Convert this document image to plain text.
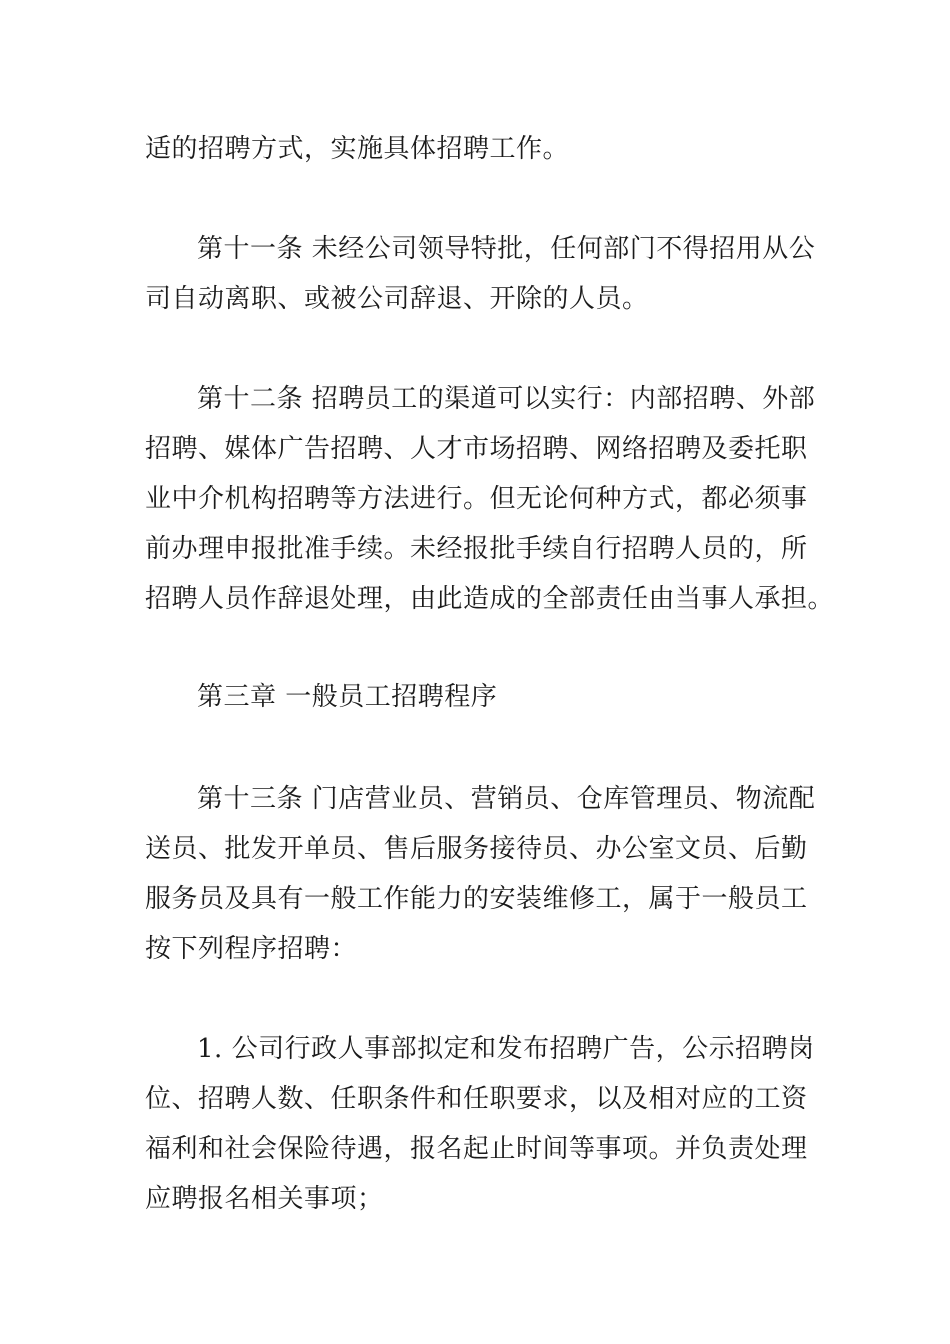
适的招聘方式，实施具体招聘工作。

第十一条 未经公司领导特批，任何部门不得招用从公
司自动离职、或被公司辞退、开除的人员。

第十二条 招聘员工的渠道可以实行：内部招聘、外部
招聘、媒体广告招聘、人才市场招聘、网络招聘及委托职
业中介机构招聘等方法进行。但无论何种方式，都必须事
前办理申报批准手续。未经报批手续自行招聘人员的，所
招聘人员作辞退处理，由此造成的全部责任由当事人承担。

第三章 一般员工招聘程序

第十三条 门店营业员、营销员、仓库管理员、物流配
送员、批发开单员、售后服务接待员、办公室文员、后勤
服务员及具有一般工作能力的安装维修工，属于一般员工
按下列程序招聘：

1. 公司行政人事部拟定和发布招聘广告，公示招聘岗
位、招聘人数、任职条件和任职要求，以及相对应的工资
福利和社会保险待遇，报名起止时间等事项。并负责处理
应聘报名相关事项；
